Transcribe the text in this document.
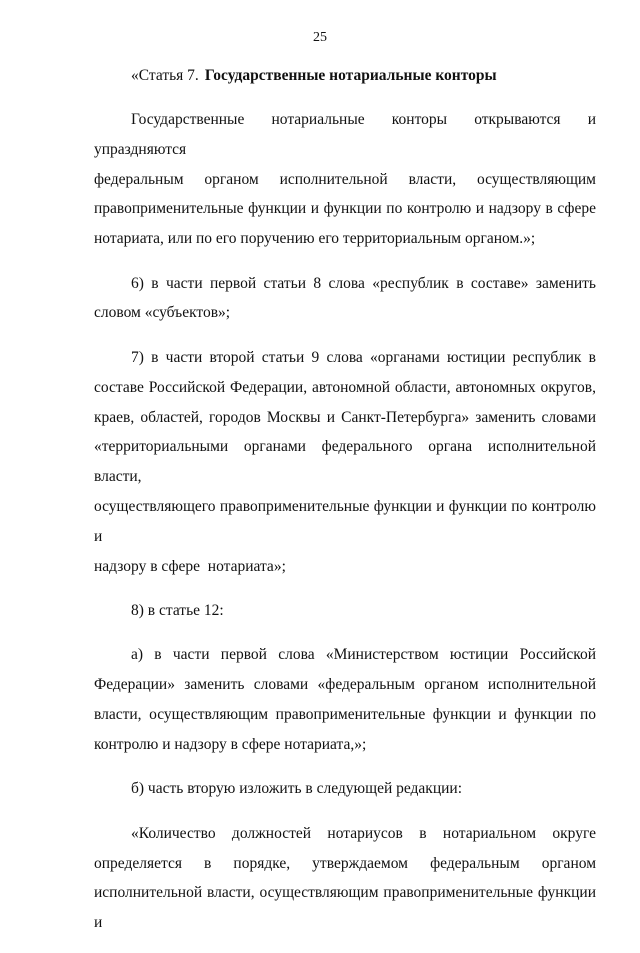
25

«Статья 7. Государственные нотариальные конторы

Государственные нотариальные конторы открываются и упраздняются
федеральным органом исполнительной власти, осуществляющим
правоприменительные функции и функции по контролю и надзору в сфере
нотариата, или по его поручению его территориальным органом.»;
6) в части первой статьи 8 слова «республик в составе» заменить
словом «субъектов»;
7) в части второй статьи 9 слова «органами юстиции республик в
составе Российской Федерации, автономной области, автономных округов,
краев, областей, городов Москвы и Санкт-Петербурга» заменить словами
«территориальными органами федерального органа исполнительной власти,
осуществляющего правоприменительные функции и функции по контролю и
надзору в сфере  нотариата»;
8) в статье 12:
а) в части первой слова «Министерством юстиции Российской
Федерации» заменить словами «федеральным органом исполнительной
власти, осуществляющим правоприменительные функции и функции по
контролю и надзору в сфере нотариата,»;
б) часть вторую изложить в следующей редакции:
«Количество должностей нотариусов в нотариальном округе
определяется в порядке, утверждаемом федеральным органом
исполнительной власти, осуществляющим правоприменительные функции и
